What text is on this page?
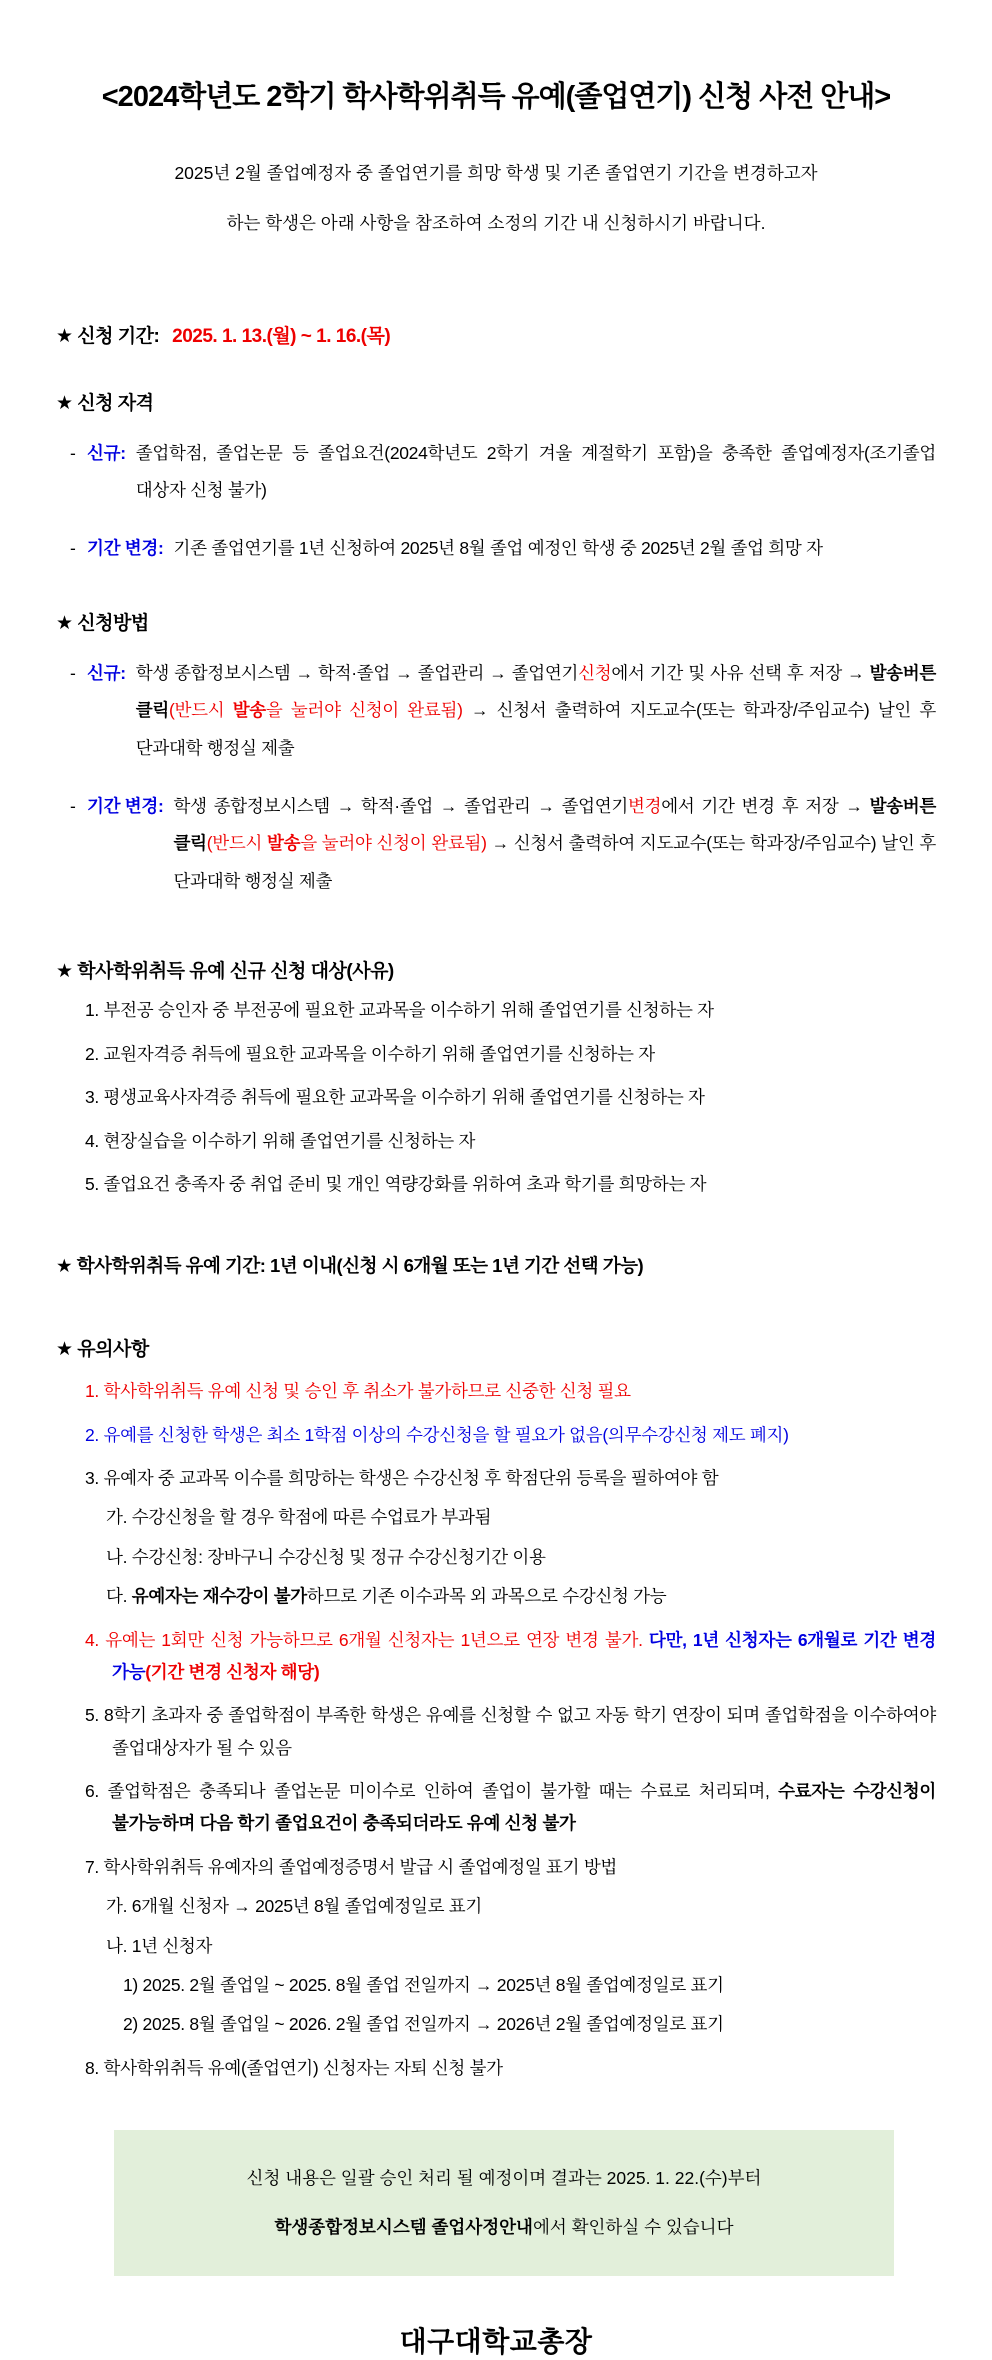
<2024학년도 2학기 학사학위취득 유예(졸업연기) 신청 사전 안내>

2025년 2월 졸업예정자 중 졸업연기를 희망 학생 및 기존 졸업연기 기간을 변경하고자
하는 학생은 아래 사항을 참조하여 소정의 기간 내 신청하시기 바랍니다.

★ 신청 기간: 2025. 1. 13.(월) ~ 1. 16.(목)
★ 신청 자격
- 신규: 졸업학점, 졸업논문 등 졸업요건(2024학년도 2학기 겨울 계절학기 포함)을 충족한 졸업예정자(조기졸업 대상자 신청 불가)
- 기간 변경: 기존 졸업연기를 1년 신청하여 2025년 8월 졸업 예정인 학생 중 2025년 2월 졸업 희망 자
★ 신청방법
- 신규: 학생 종합정보시스템 → 학적·졸업 → 졸업관리 → 졸업연기신청에서 기간 및 사유 선택 후 저장 → 발송버튼 클릭(반드시 발송을 눌러야 신청이 완료됨) → 신청서 출력하여 지도교수(또는 학과장/주임교수) 날인 후 단과대학 행정실 제출
- 기간 변경: 학생 종합정보시스템 → 학적·졸업 → 졸업관리 → 졸업연기변경에서 기간 변경 후 저장 → 발송버튼 클릭(반드시 발송을 눌러야 신청이 완료됨) → 신청서 출력하여 지도교수(또는 학과장/주임교수) 날인 후 단과대학 행정실 제출
★ 학사학위취득 유예 신규 신청 대상(사유)
1. 부전공 승인자 중 부전공에 필요한 교과목을 이수하기 위해 졸업연기를 신청하는 자
2. 교원자격증 취득에 필요한 교과목을 이수하기 위해 졸업연기를 신청하는 자
3. 평생교육사자격증 취득에 필요한 교과목을 이수하기 위해 졸업연기를 신청하는 자
4. 현장실습을 이수하기 위해 졸업연기를 신청하는 자
5. 졸업요건 충족자 중 취업 준비 및 개인 역량강화를 위하여 초과 학기를 희망하는 자
★ 학사학위취득 유예 기간: 1년 이내(신청 시 6개월 또는 1년 기간 선택 가능)
★ 유의사항
1. 학사학위취득 유예 신청 및 승인 후 취소가 불가하므로 신중한 신청 필요
2. 유예를 신청한 학생은 최소 1학점 이상의 수강신청을 할 필요가 없음(의무수강신청 제도 폐지)
3. 유예자 중 교과목 이수를 희망하는 학생은 수강신청 후 학점단위 등록을 필하여야 함
가. 수강신청을 할 경우 학점에 따른 수업료가 부과됨
나. 수강신청: 장바구니 수강신청 및 정규 수강신청기간 이용
다. 유예자는 재수강이 불가하므로 기존 이수과목 외 과목으로 수강신청 가능
4. 유예는 1회만 신청 가능하므로 6개월 신청자는 1년으로 연장 변경 불가. 다만, 1년 신청자는 6개월로 기간 변경 가능(기간 변경 신청자 해당)
5. 8학기 초과자 중 졸업학점이 부족한 학생은 유예를 신청할 수 없고 자동 학기 연장이 되며 졸업학점을 이수하여야 졸업대상자가 될 수 있음
6. 졸업학점은 충족되나 졸업논문 미이수로 인하여 졸업이 불가할 때는 수료로 처리되며, 수료자는 수강신청이 불가능하며 다음 학기 졸업요건이 충족되더라도 유예 신청 불가
7. 학사학위취득 유예자의 졸업예정증명서 발급 시 졸업예정일 표기 방법
가. 6개월 신청자 → 2025년 8월 졸업예정일로 표기
나. 1년 신청자
1) 2025. 2월 졸업일 ~ 2025. 8월 졸업 전일까지 → 2025년 8월 졸업예정일로 표기
2) 2025. 8월 졸업일 ~ 2026. 2월 졸업 전일까지 → 2026년 2월 졸업예정일로 표기
8. 학사학위취득 유예(졸업연기) 신청자는 자퇴 신청 불가
신청 내용은 일괄 승인 처리 될 예정이며 결과는 2025. 1. 22.(수)부터
학생종합정보시스템 졸업사정안내에서 확인하실 수 있습니다
대구대학교총장
